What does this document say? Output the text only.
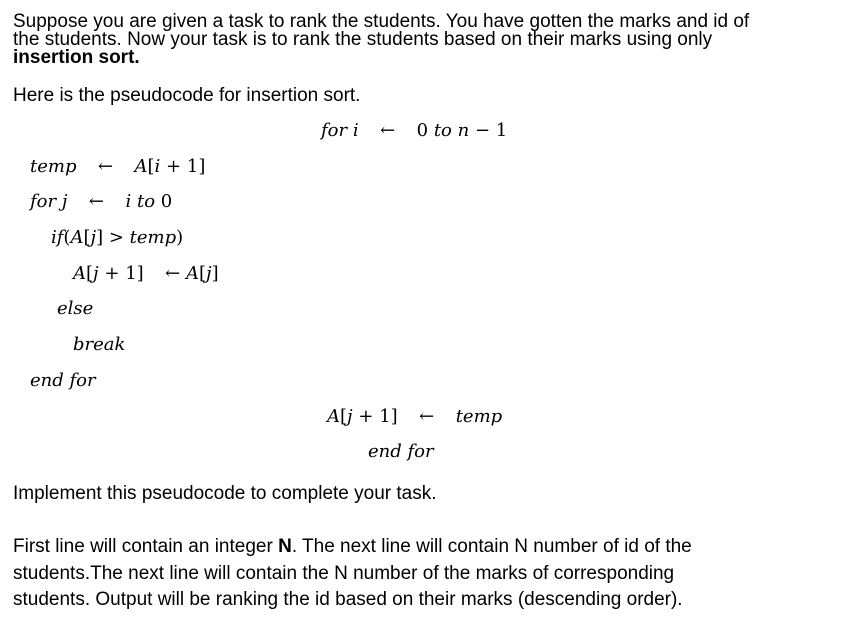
Suppose you are given a task to rank the students. You have gotten the marks and id of
the students. Now your task is to rank the students based on their marks using only
insertion sort.
Here is the pseudocode for insertion sort.
for i ← 0 to n − 1
temp ← A[i + 1]
for j ← i to 0
if(A[j] > temp)
A[j + 1] ← A[j]
else
break
end for
A[j + 1] ← temp
end for
Implement this pseudocode to complete your task.
First line will contain an integer N. The next line will contain N number of id of the
students.The next line will contain the N number of the marks of corresponding
students. Output will be ranking the id based on their marks (descending order).
